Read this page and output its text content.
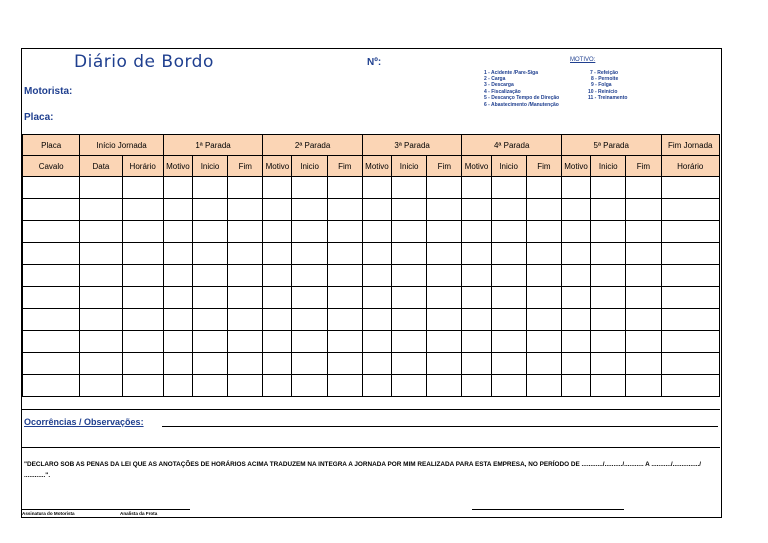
Diário de Bordo	Nº:
Motorista:
Placa:
MOTIVO:
1 - Acidente /Pare-Siga
2 - Carga
3 - Descarga
4 - Fiscalização
5 - Descanço Tempo de Direção
6 - Abastecimento /Manutenção
7 - Refeição
8 - Pernoite
9 - Folga
10 - Reinício
11 - Treinamento
Placa	Início Jornada		1ª Parada			2ª Parada			3ª Parada			4ª Parada			5ª Parada			Fim Jornada
Cavalo	Data	Horário	Motivo	Inicio	Fim	Motivo	Inicio	Fim	Motivo	Inicio	Fim	Motivo	Inicio	Fim	Motivo	Inicio	Fim	Horário

Ocorrências / Observações:
"DECLARO SOB AS PENAS DA LEI QUE AS ANOTAÇÕES DE HORÁRIOS ACIMA TRADUZEM NA INTEGRA A JORNADA POR MIM REALIZADA PARA ESTA EMPRESA, NO PERÍODO DE ............/........../........... A .........../.............../ ............".
Assinatura do Motorista	Analista da Frota
